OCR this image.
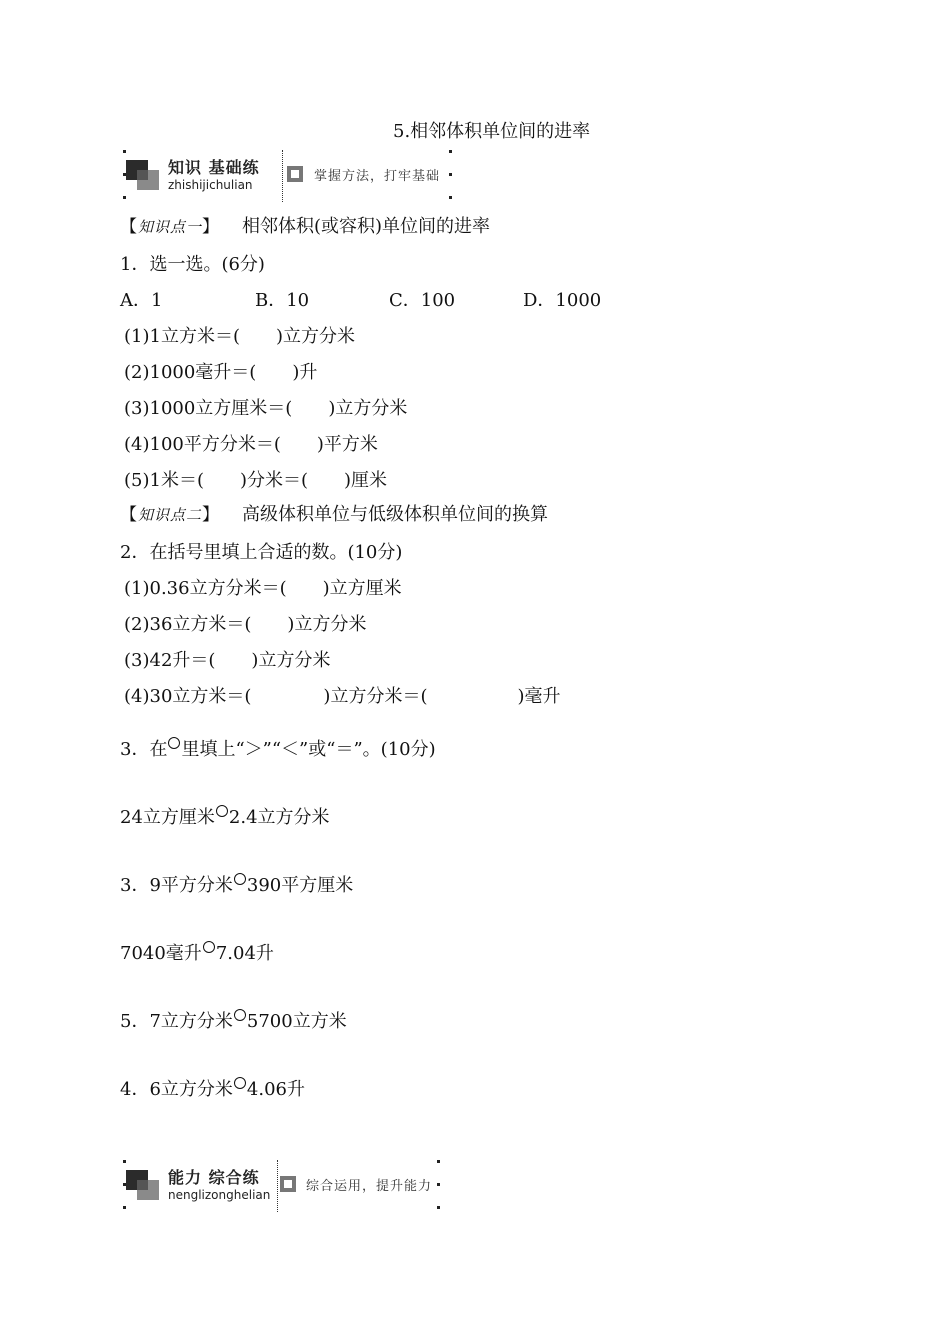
5.相邻体积单位间的进率
知识 基础练
zhishijichulian
掌握方法，打牢基础
【知识点一】 相邻体积(或容积)单位间的进率
1．选一选。(6分)
A．1	B．10	C．100	D．1000
(1)1立方米＝(　　)立方分米
(2)1000毫升＝(　　)升
(3)1000立方厘米＝(　　)立方分米
(4)100平方分米＝(　　)平方米
(5)1米＝(　　)分米＝(　　)厘米
【知识点二】 高级体积单位与低级体积单位间的换算
2．在括号里填上合适的数。(10分)
(1)0.36立方分米＝(　　)立方厘米
(2)36立方米＝(　　)立方分米
(3)42升＝(　　)立方分米
(4)30立方米＝(　　　　)立方分米＝(　　　　　)毫升
3．在 里填上“＞”“＜”或“＝”。(10分)
24立方厘米 2.4立方分米
3．9平方分米 390平方厘米
7040毫升 7.04升
5．7立方分米 5700立方米
4．6立方分米 4.06升
能力 综合练
nenglizonghelian
综合运用，提升能力
